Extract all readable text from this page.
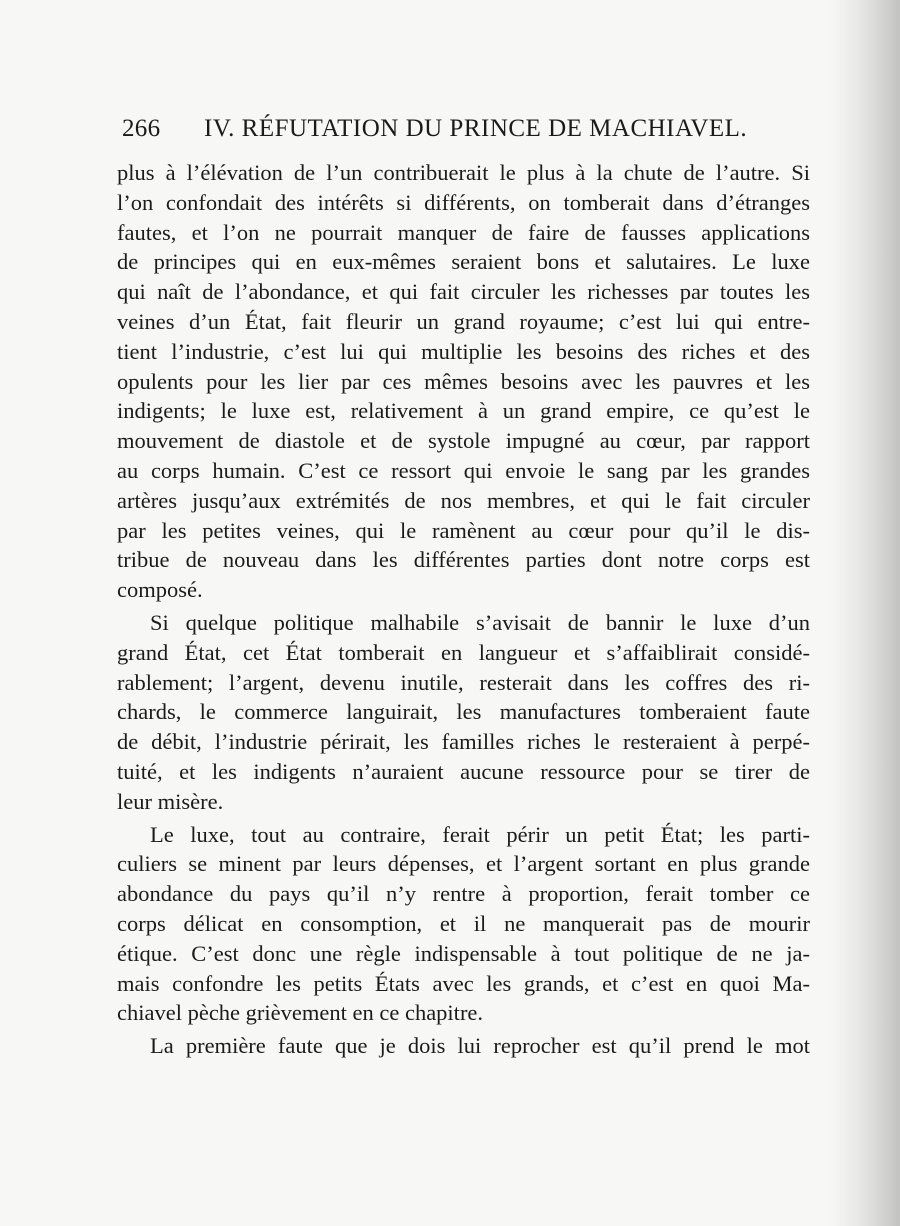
266 IV. RÉFUTATION DU PRINCE DE MACHIAVEL.
plus à l’élévation de l’un contribuerait le plus à la chute de l’autre. Si
l’on confondait des intérêts si différents, on tomberait dans d’étranges
fautes, et l’on ne pourrait manquer de faire de fausses applications
de principes qui en eux-mêmes seraient bons et salutaires. Le luxe
qui naît de l’abondance, et qui fait circuler les richesses par toutes les
veines d’un État, fait fleurir un grand royaume; c’est lui qui entre-
tient l’industrie, c’est lui qui multiplie les besoins des riches et des
opulents pour les lier par ces mêmes besoins avec les pauvres et les
indigents; le luxe est, relativement à un grand empire, ce qu’est le
mouvement de diastole et de systole impugné au cœur, par rapport
au corps humain. C’est ce ressort qui envoie le sang par les grandes
artères jusqu’aux extrémités de nos membres, et qui le fait circuler
par les petites veines, qui le ramènent au cœur pour qu’il le dis-
tribue de nouveau dans les différentes parties dont notre corps est
composé.
Si quelque politique malhabile s’avisait de bannir le luxe d’un
grand État, cet État tomberait en langueur et s’affaiblirait considé-
rablement; l’argent, devenu inutile, resterait dans les coffres des ri-
chards, le commerce languirait, les manufactures tomberaient faute
de débit, l’industrie périrait, les familles riches le resteraient à perpé-
tuité, et les indigents n’auraient aucune ressource pour se tirer de
leur misère.
Le luxe, tout au contraire, ferait périr un petit État; les parti-
culiers se minent par leurs dépenses, et l’argent sortant en plus grande
abondance du pays qu’il n’y rentre à proportion, ferait tomber ce
corps délicat en consomption, et il ne manquerait pas de mourir
étique. C’est donc une règle indispensable à tout politique de ne ja-
mais confondre les petits États avec les grands, et c’est en quoi Ma-
chiavel pèche grièvement en ce chapitre.
La première faute que je dois lui reprocher est qu’il prend le mot
